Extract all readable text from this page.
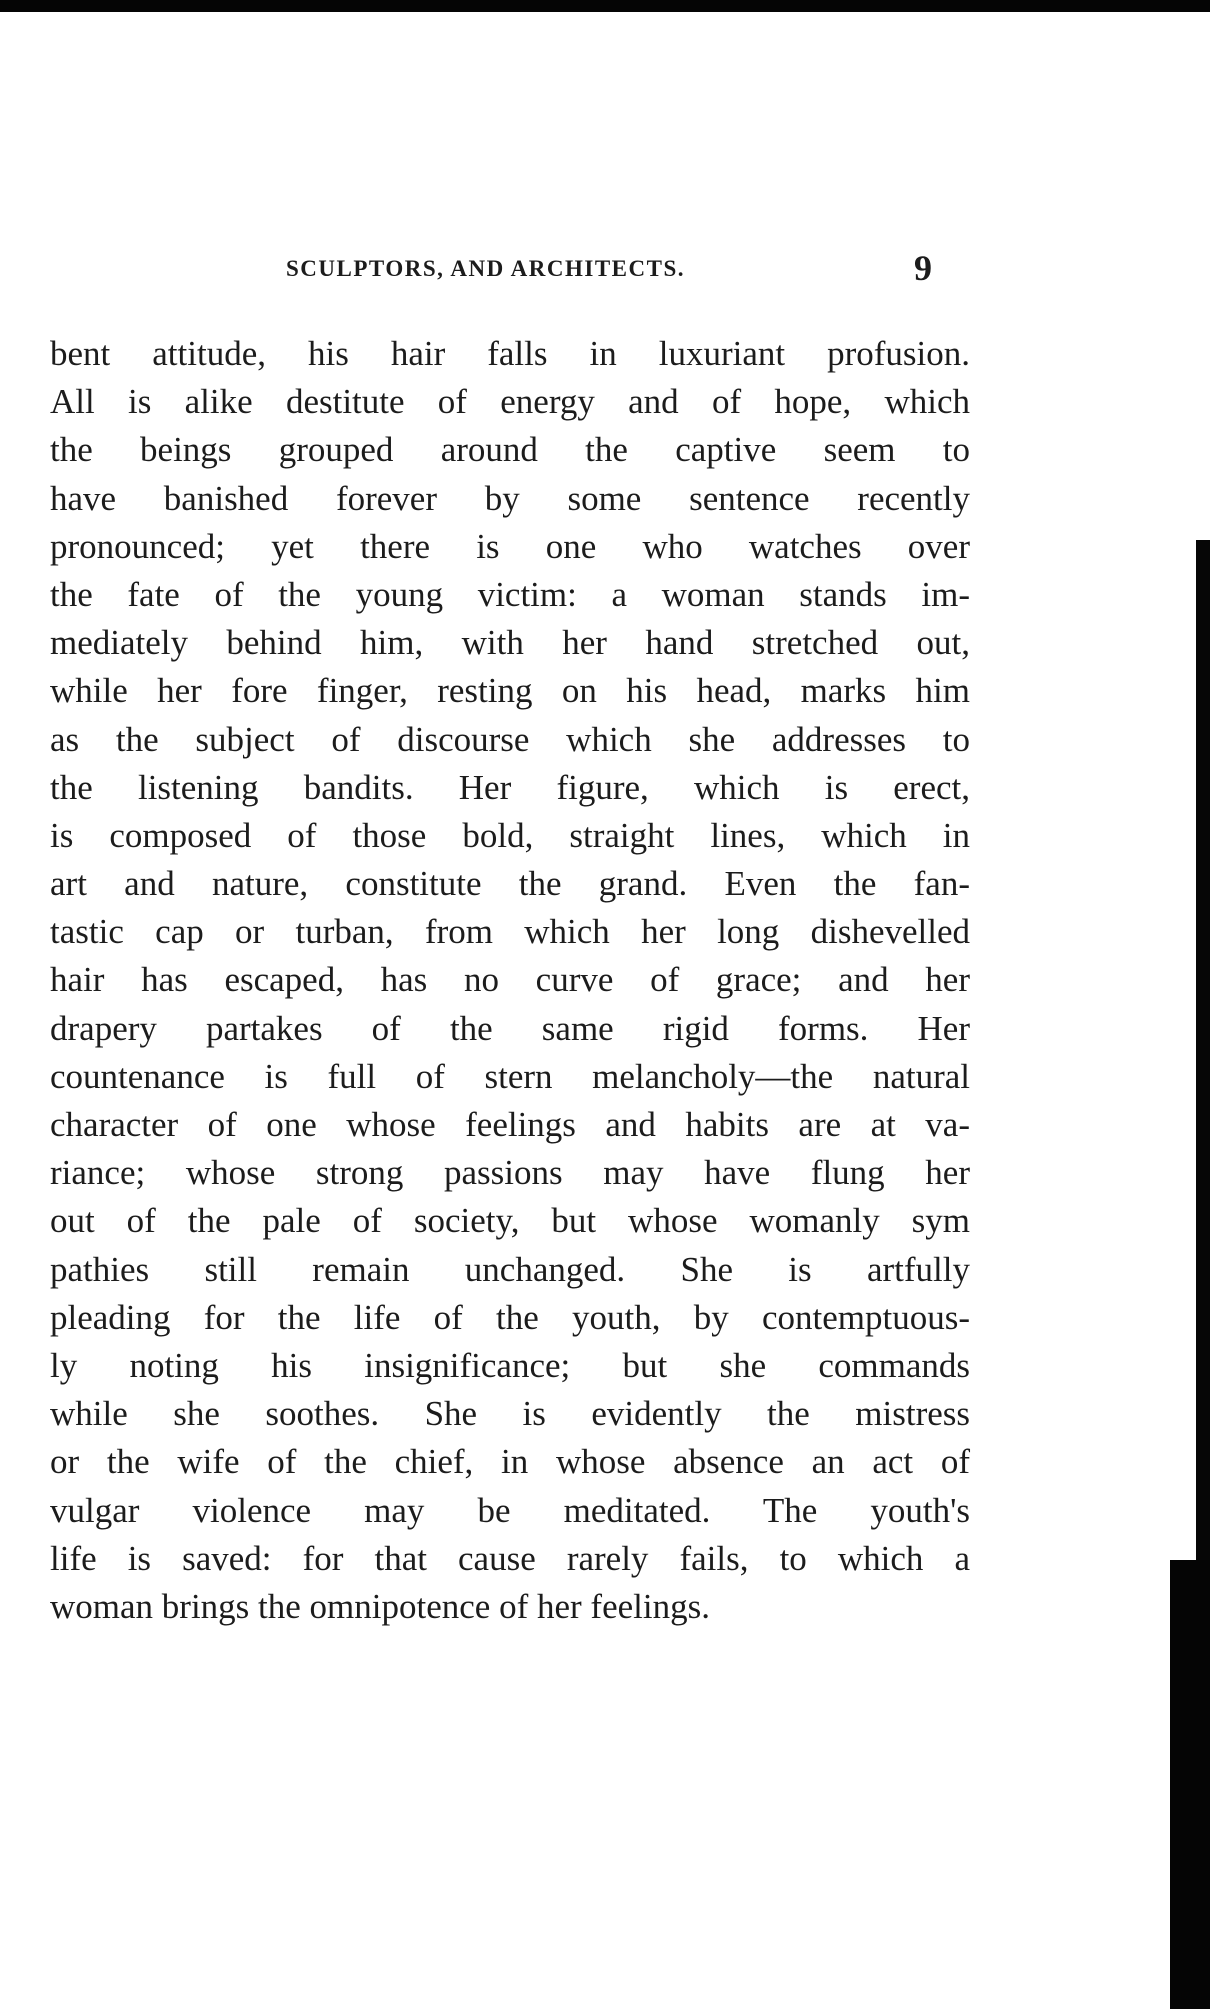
SCULPTORS, AND ARCHITECTS.	9
bent attitude, his hair falls in luxuriant profusion.
All is alike destitute of energy and of hope, which
the beings grouped around the captive seem to
have banished forever by some sentence recently
pronounced; yet there is one who watches over
the fate of the young victim: a woman stands im-
mediately behind him, with her hand stretched out,
while her fore finger, resting on his head, marks him
as the subject of discourse which she addresses to
the listening bandits. Her figure, which is erect,
is composed of those bold, straight lines, which in
art and nature, constitute the grand. Even the fan-
tastic cap or turban, from which her long dishevelled
hair has escaped, has no curve of grace; and her
drapery partakes of the same rigid forms. Her
countenance is full of stern melancholy—the natural
character of one whose feelings and habits are at va-
riance; whose strong passions may have flung her
out of the pale of society, but whose womanly sym
pathies still remain unchanged. She is artfully
pleading for the life of the youth, by contemptuous-
ly noting his insignificance; but she commands
while she soothes. She is evidently the mistress
or the wife of the chief, in whose absence an act of
vulgar violence may be meditated. The youth's
life is saved: for that cause rarely fails, to which a
woman brings the omnipotence of her feelings.
